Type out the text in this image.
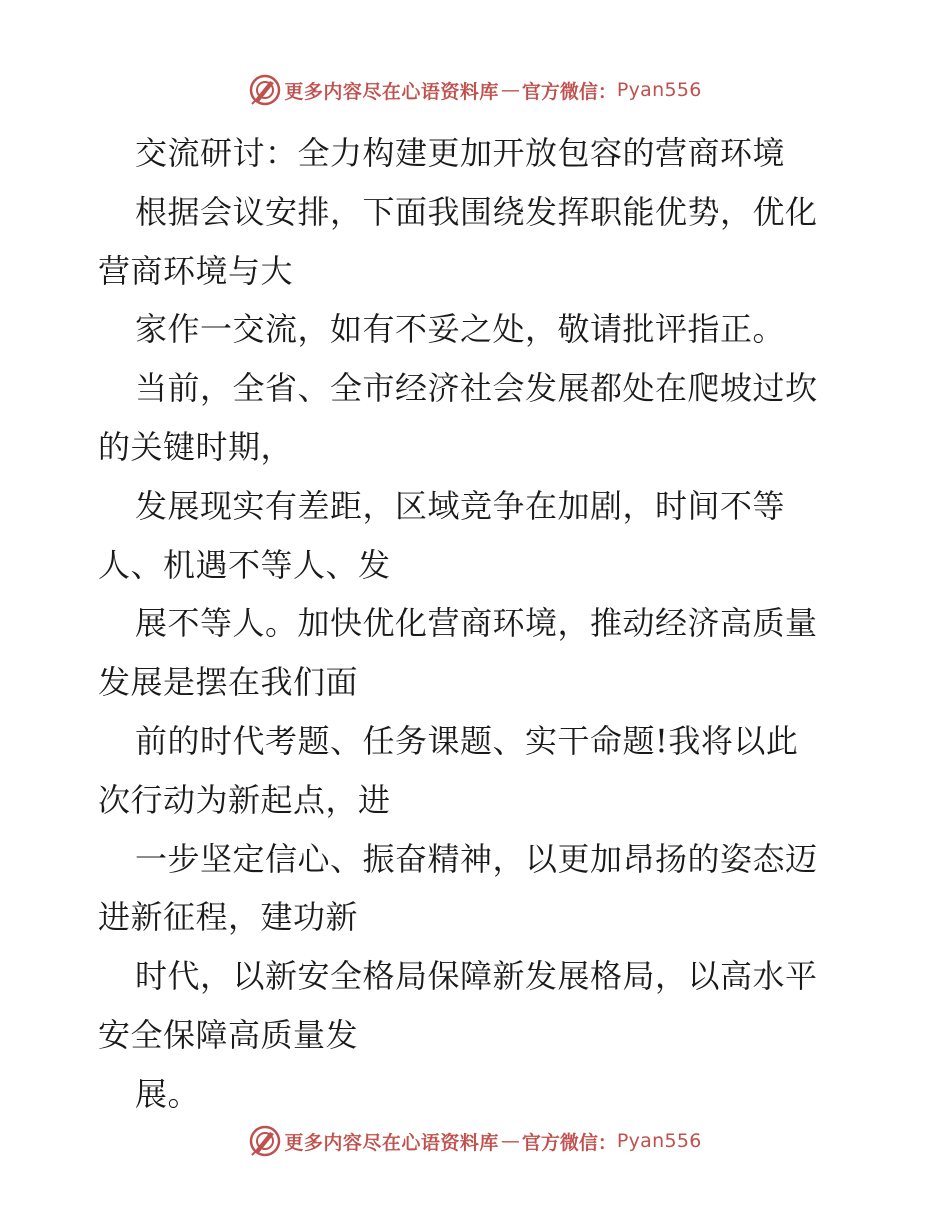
更多内容尽在心语资料库 — 官方微信： Pyan556
交流研讨：全力构建更加开放包容的营商环境
根据会议安排，下面我围绕发挥职能优势，优化
营商环境与大
家作一交流，如有不妥之处，敬请批评指正。
当前，全省、全市经济社会发展都处在爬坡过坎
的关键时期，
发展现实有差距，区域竞争在加剧，时间不等
人、机遇不等人、发
展不等人。加快优化营商环境，推动经济高质量
发展是摆在我们面
前的时代考题、任务课题、实干命题!我将以此
次行动为新起点，进
一步坚定信心、振奋精神，以更加昂扬的姿态迈
进新征程，建功新
时代，以新安全格局保障新发展格局，以高水平
安全保障高质量发
展。
更多内容尽在心语资料库 — 官方微信： Pyan556
